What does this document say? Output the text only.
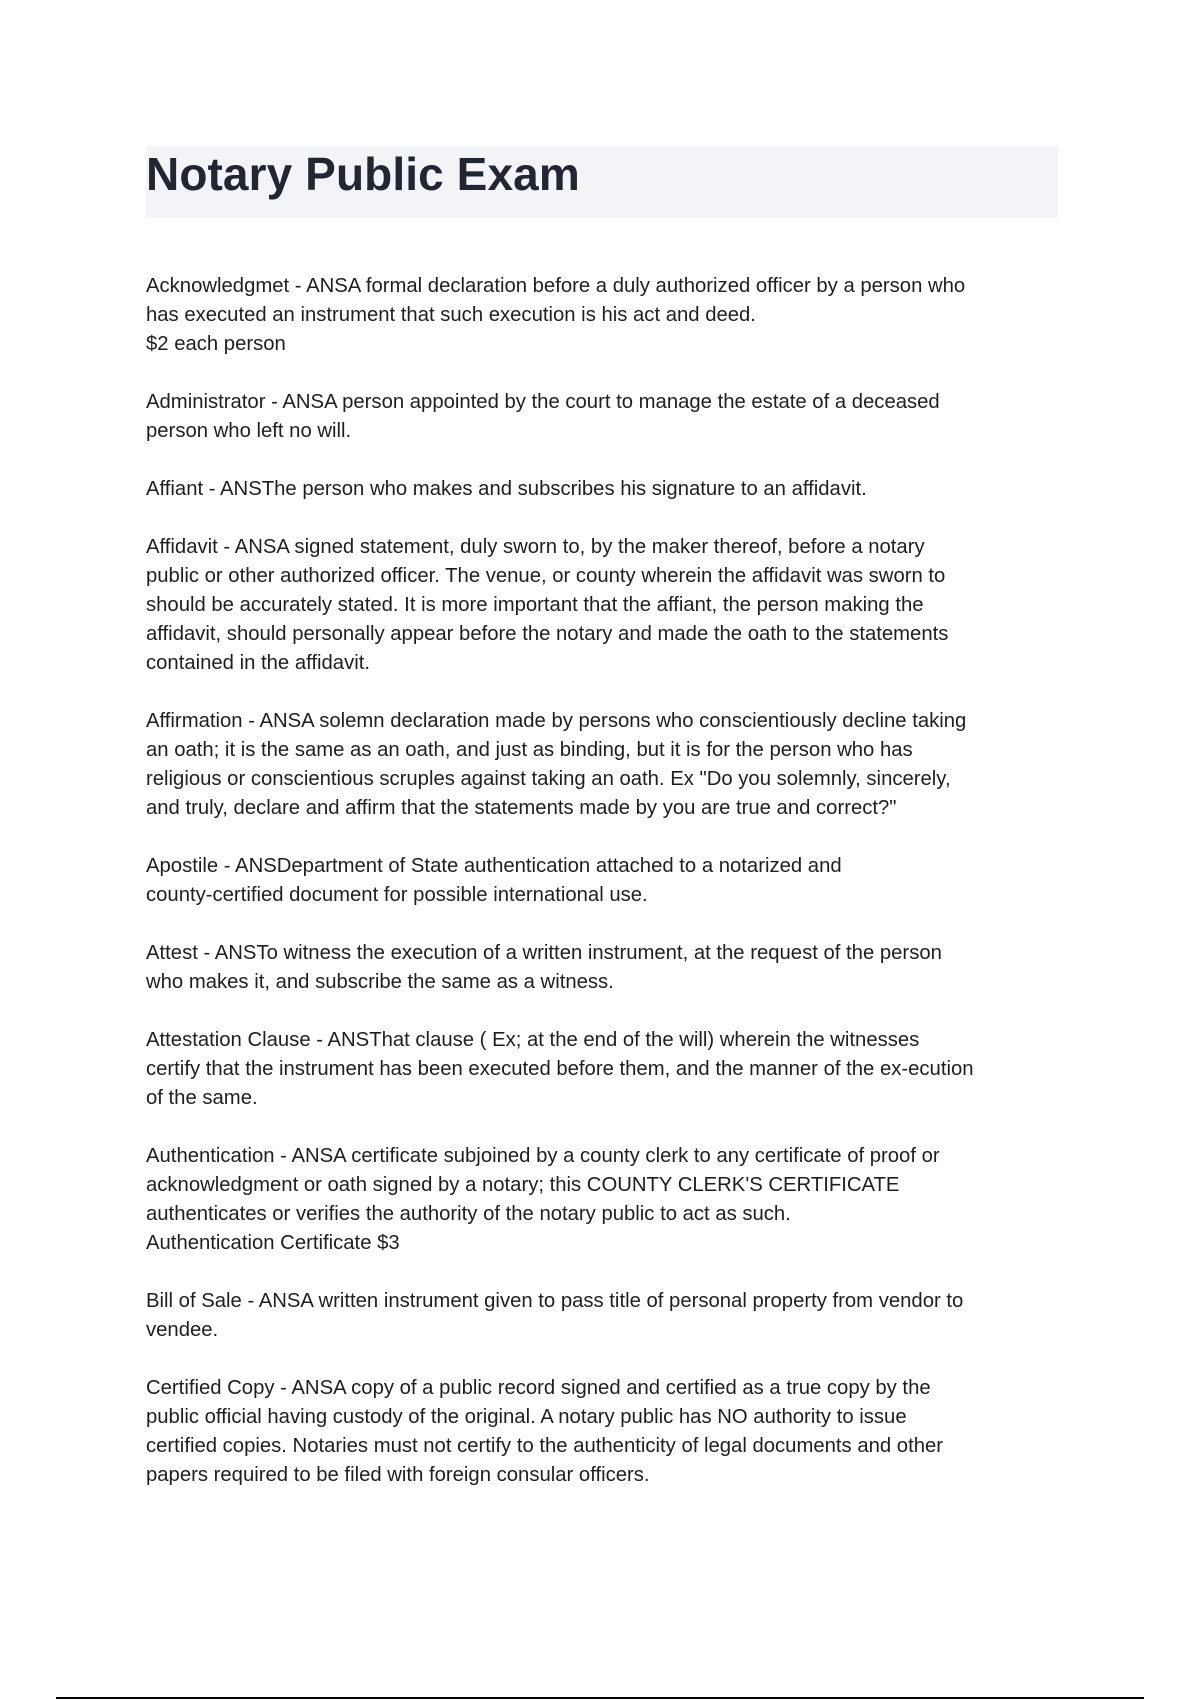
Notary Public Exam

Acknowledgmet - ANSA formal declaration before a duly authorized officer by a person who
has executed an instrument that such execution is his act and deed.
$2 each person

Administrator - ANSA person appointed by the court to manage the estate of a deceased
person who left no will.

Affiant - ANSThe person who makes and subscribes his signature to an affidavit.

Affidavit - ANSA signed statement, duly sworn to, by the maker thereof, before a notary
public or other authorized officer. The venue, or county wherein the affidavit was sworn to
should be accurately stated. It is more important that the affiant, the person making the
affidavit, should personally appear before the notary and made the oath to the statements
contained in the affidavit.

Affirmation - ANSA solemn declaration made by persons who conscientiously decline taking
an oath; it is the same as an oath, and just as binding, but it is for the person who has
religious or conscientious scruples against taking an oath. Ex "Do you solemnly, sincerely,
and truly, declare and affirm that the statements made by you are true and correct?"

Apostile - ANSDepartment of State authentication attached to a notarized and
county-certified document for possible international use.

Attest - ANSTo witness the execution of a written instrument, at the request of the person
who makes it, and subscribe the same as a witness.

Attestation Clause - ANSThat clause ( Ex; at the end of the will) wherein the witnesses
certify that the instrument has been executed before them, and the manner of the ex-ecution
of the same.

Authentication - ANSA certificate subjoined by a county clerk to any certificate of proof or
acknowledgment or oath signed by a notary; this COUNTY CLERK'S CERTIFICATE
authenticates or verifies the authority of the notary public to act as such.
Authentication Certificate $3

Bill of Sale - ANSA written instrument given to pass title of personal property from vendor to
vendee.

Certified Copy - ANSA copy of a public record signed and certified as a true copy by the
public official having custody of the original. A notary public has NO authority to issue
certified copies. Notaries must not certify to the authenticity of legal documents and other
papers required to be filed with foreign consular officers.
